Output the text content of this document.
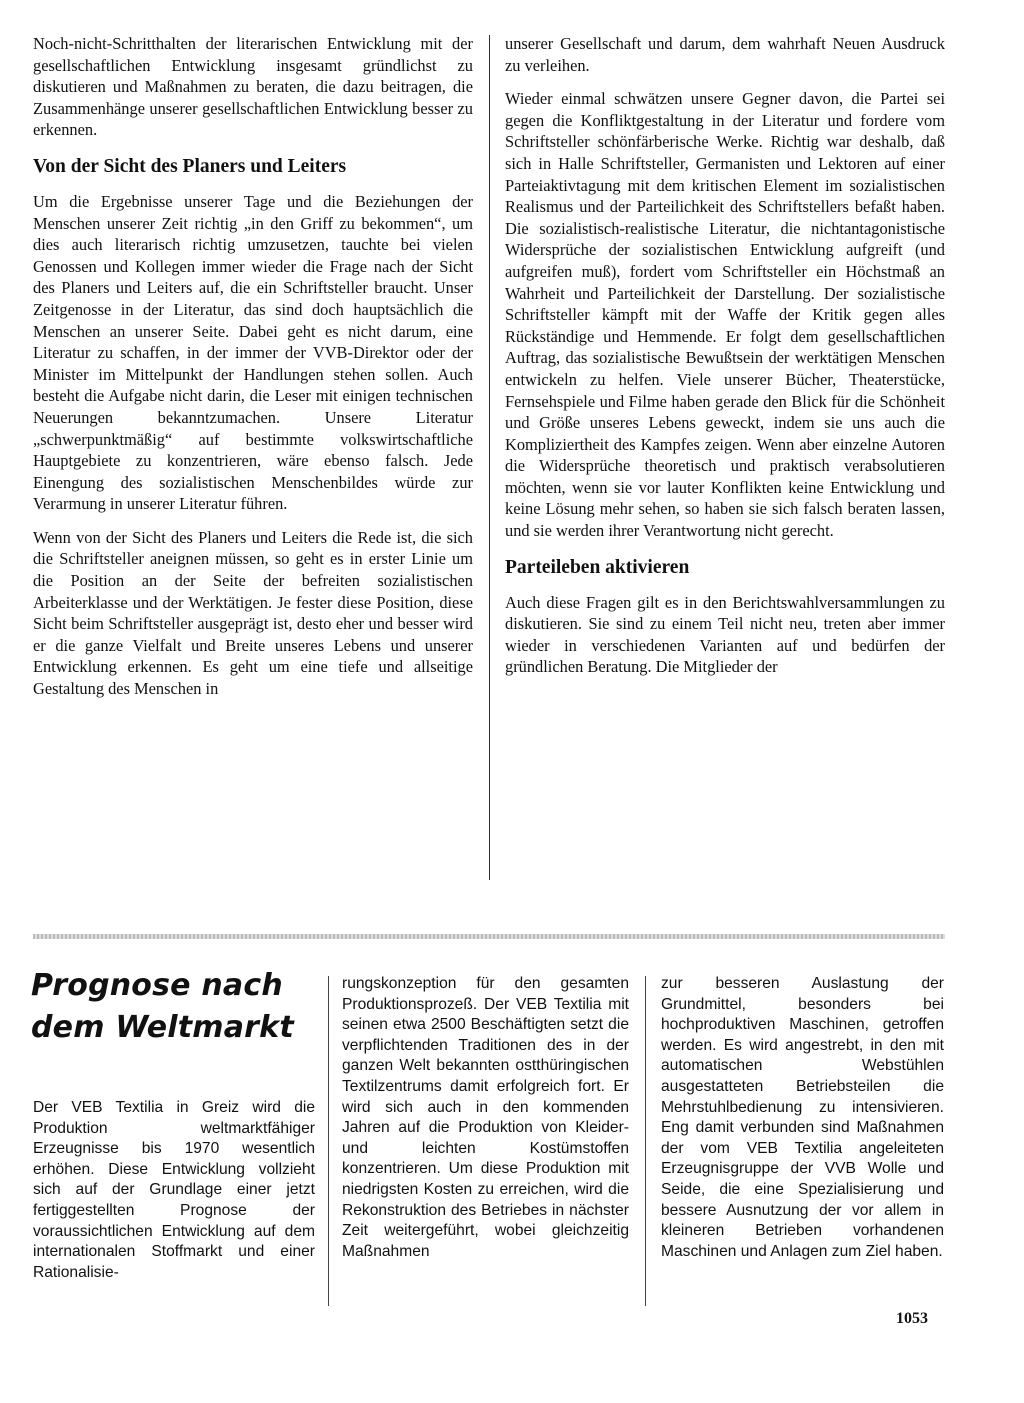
Noch-nicht-Schritthalten der literarischen Entwicklung mit der gesellschaftlichen Entwicklung insgesamt gründlichst zu diskutieren und Maßnahmen zu beraten, die dazu beitragen, die Zusammenhänge unserer gesellschaftlichen Entwicklung besser zu erkennen.

Von der Sicht des Planers und Leiters

Um die Ergebnisse unserer Tage und die Beziehungen der Menschen unserer Zeit richtig „in den Griff zu bekommen“, um dies auch literarisch richtig umzusetzen, tauchte bei vielen Genossen und Kollegen immer wieder die Frage nach der Sicht des Planers und Leiters auf, die ein Schriftsteller braucht. Unser Zeitgenosse in der Literatur, das sind doch hauptsächlich die Menschen an unserer Seite. Dabei geht es nicht darum, eine Literatur zu schaffen, in der immer der VVB-Direktor oder der Minister im Mittelpunkt der Handlungen stehen sollen. Auch besteht die Aufgabe nicht darin, die Leser mit einigen technischen Neuerungen bekanntzumachen. Unsere Literatur „schwerpunktmäßig“ auf bestimmte volkswirtschaftliche Hauptgebiete zu konzentrieren, wäre ebenso falsch. Jede Einengung des sozialistischen Menschenbildes würde zur Verarmung in unserer Literatur führen.

Wenn von der Sicht des Planers und Leiters die Rede ist, die sich die Schriftsteller aneignen müssen, so geht es in erster Linie um die Position an der Seite der befreiten sozialistischen Arbeiterklasse und der Werktätigen. Je fester diese Position, diese Sicht beim Schriftsteller ausgeprägt ist, desto eher und besser wird er die ganze Vielfalt und Breite unseres Lebens und unserer Entwicklung erkennen. Es geht um eine tiefe und allseitige Gestaltung des Menschen in

unserer Gesellschaft und darum, dem wahrhaft Neuen Ausdruck zu verleihen.

Wieder einmal schwätzen unsere Gegner davon, die Partei sei gegen die Konfliktgestaltung in der Literatur und fordere vom Schriftsteller schönfärberische Werke. Richtig war deshalb, daß sich in Halle Schriftsteller, Germanisten und Lektoren auf einer Parteiaktivtagung mit dem kritischen Element im sozialistischen Realismus und der Parteilichkeit des Schriftstellers befaßt haben. Die sozialistisch-realistische Literatur, die nichtantagonistische Widersprüche der sozialistischen Entwicklung aufgreift (und aufgreifen muß), fordert vom Schriftsteller ein Höchstmaß an Wahrheit und Parteilichkeit der Darstellung. Der sozialistische Schriftsteller kämpft mit der Waffe der Kritik gegen alles Rückständige und Hemmende. Er folgt dem gesellschaftlichen Auftrag, das sozialistische Bewußtsein der werktätigen Menschen entwickeln zu helfen. Viele unserer Bücher, Theaterstücke, Fernsehspiele und Filme haben gerade den Blick für die Schönheit und Größe unseres Lebens geweckt, indem sie uns auch die Kompliziertheit des Kampfes zeigen. Wenn aber einzelne Autoren die Widersprüche theoretisch und praktisch verabsolutieren möchten, wenn sie vor lauter Konflikten keine Entwicklung und keine Lösung mehr sehen, so haben sie sich falsch beraten lassen, und sie werden ihrer Verantwortung nicht gerecht.

Parteileben aktivieren

Auch diese Fragen gilt es in den Berichtswahlversammlungen zu diskutieren. Sie sind zu einem Teil nicht neu, treten aber immer wieder in verschiedenen Varianten auf und bedürfen der gründlichen Beratung. Die Mitglieder der

Prognose nach
dem Weltmarkt

Der VEB Textilia in Greiz wird die Produktion weltmarktfähiger Erzeugnisse bis 1970 wesentlich erhöhen. Diese Entwicklung vollzieht sich auf der Grundlage einer jetzt fertiggestellten Prognose der voraussichtlichen Entwicklung auf dem internationalen Stoffmarkt und einer Rationalisie-

rungskonzeption für den gesamten Produktionsprozeß. Der VEB Textilia mit seinen etwa 2500 Beschäftigten setzt die verpflichtenden Traditionen des in der ganzen Welt bekannten ostthüringischen Textilzentrums damit erfolgreich fort. Er wird sich auch in den kommenden Jahren auf die Produktion von Kleider- und leichten Kostümstoffen konzentrieren. Um diese Produktion mit niedrigsten Kosten zu erreichen, wird die Rekonstruktion des Betriebes in nächster Zeit weitergeführt, wobei gleichzeitig Maßnahmen

zur besseren Auslastung der Grundmittel, besonders bei hochproduktiven Maschinen, getroffen werden. Es wird angestrebt, in den mit automatischen Webstühlen ausgestatteten Betriebsteilen die Mehrstuhlbedienung zu intensivieren. Eng damit verbunden sind Maßnahmen der vom VEB Textilia angeleiteten Erzeugnisgruppe der VVB Wolle und Seide, die eine Spezialisierung und bessere Ausnutzung der vor allem in kleineren Betrieben vorhandenen Maschinen und Anlagen zum Ziel haben.

1053
